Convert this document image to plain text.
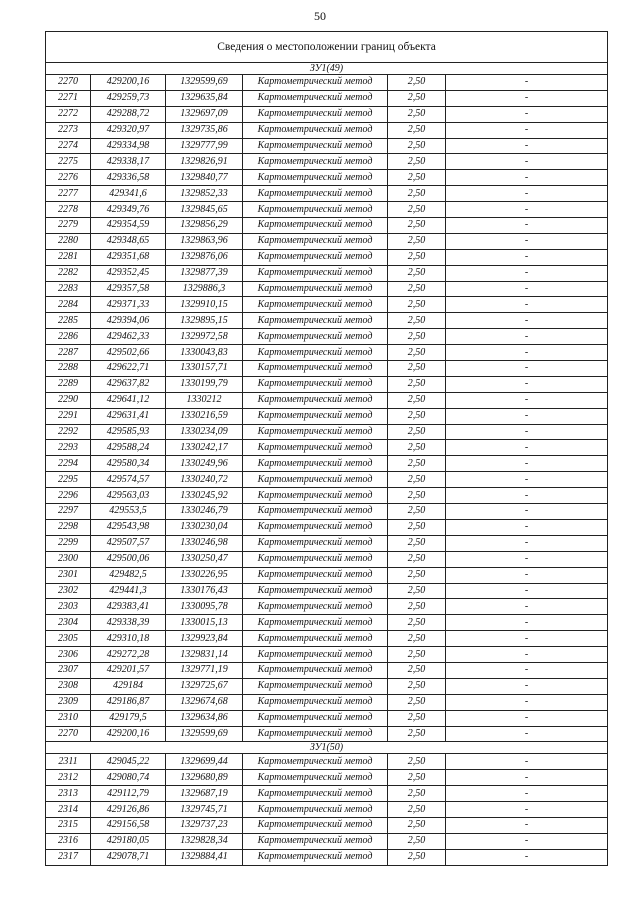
50
Сведения о местоположении границ объекта					
ЗУ1(49)					
2270	429200,16	1329599,69	Картометрический метод	2,50	-
2271	429259,73	1329635,84	Картометрический метод	2,50	-
2272	429288,72	1329697,09	Картометрический метод	2,50	-
2273	429320,97	1329735,86	Картометрический метод	2,50	-
2274	429334,98	1329777,99	Картометрический метод	2,50	-
2275	429338,17	1329826,91	Картометрический метод	2,50	-
2276	429336,58	1329840,77	Картометрический метод	2,50	-
2277	429341,6	1329852,33	Картометрический метод	2,50	-
2278	429349,76	1329845,65	Картометрический метод	2,50	-
2279	429354,59	1329856,29	Картометрический метод	2,50	-
2280	429348,65	1329863,96	Картометрический метод	2,50	-
2281	429351,68	1329876,06	Картометрический метод	2,50	-
2282	429352,45	1329877,39	Картометрический метод	2,50	-
2283	429357,58	1329886,3	Картометрический метод	2,50	-
2284	429371,33	1329910,15	Картометрический метод	2,50	-
2285	429394,06	1329895,15	Картометрический метод	2,50	-
2286	429462,33	1329972,58	Картометрический метод	2,50	-
2287	429502,66	1330043,83	Картометрический метод	2,50	-
2288	429622,71	1330157,71	Картометрический метод	2,50	-
2289	429637,82	1330199,79	Картометрический метод	2,50	-
2290	429641,12	1330212	Картометрический метод	2,50	-
2291	429631,41	1330216,59	Картометрический метод	2,50	-
2292	429585,93	1330234,09	Картометрический метод	2,50	-
2293	429588,24	1330242,17	Картометрический метод	2,50	-
2294	429580,34	1330249,96	Картометрический метод	2,50	-
2295	429574,57	1330240,72	Картометрический метод	2,50	-
2296	429563,03	1330245,92	Картометрический метод	2,50	-
2297	429553,5	1330246,79	Картометрический метод	2,50	-
2298	429543,98	1330230,04	Картометрический метод	2,50	-
2299	429507,57	1330246,98	Картометрический метод	2,50	-
2300	429500,06	1330250,47	Картометрический метод	2,50	-
2301	429482,5	1330226,95	Картометрический метод	2,50	-
2302	429441,3	1330176,43	Картометрический метод	2,50	-
2303	429383,41	1330095,78	Картометрический метод	2,50	-
2304	429338,39	1330015,13	Картометрический метод	2,50	-
2305	429310,18	1329923,84	Картометрический метод	2,50	-
2306	429272,28	1329831,14	Картометрический метод	2,50	-
2307	429201,57	1329771,19	Картометрический метод	2,50	-
2308	429184	1329725,67	Картометрический метод	2,50	-
2309	429186,87	1329674,68	Картометрический метод	2,50	-
2310	429179,5	1329634,86	Картометрический метод	2,50	-
2270	429200,16	1329599,69	Картометрический метод	2,50	-
ЗУ1(50)					
2311	429045,22	1329699,44	Картометрический метод	2,50	-
2312	429080,74	1329680,89	Картометрический метод	2,50	-
2313	429112,79	1329687,19	Картометрический метод	2,50	-
2314	429126,86	1329745,71	Картометрический метод	2,50	-
2315	429156,58	1329737,23	Картометрический метод	2,50	-
2316	429180,05	1329828,34	Картометрический метод	2,50	-
2317	429078,71	1329884,41	Картометрический метод	2,50	-
